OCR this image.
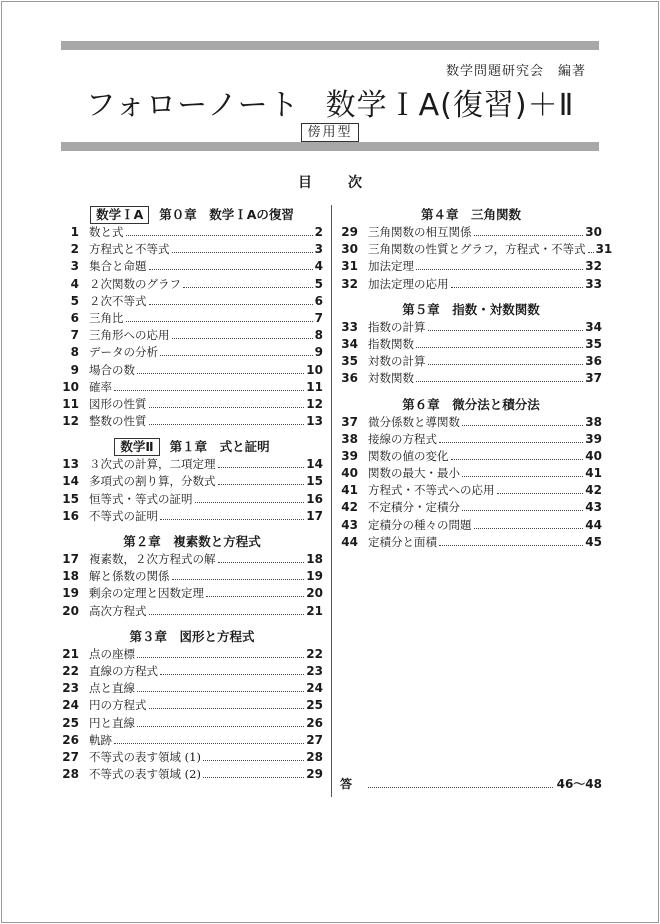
数学問題研究会　編著
フォローノート 数学ＩA(復習)＋Ⅱ
傍用型
目次
数学ＩA 第０章　数学ＩAの復習
1 数と式	2
2 方程式と不等式	3
3 集合と命題	4
4 ２次関数のグラフ	5
5 ２次不等式	6
6 三角比	7
7 三角形への応用	8
8 データの分析	9
9 場合の数	10
10 確率	11
11 図形の性質	12
12 整数の性質	13
数学Ⅱ 第１章　式と証明
13 ３次式の計算，二項定理	14
14 多項式の割り算，分数式	15
15 恒等式・等式の証明	16
16 不等式の証明	17
第２章　複素数と方程式
17 複素数，２次方程式の解	18
18 解と係数の関係	19
19 剰余の定理と因数定理	20
20 高次方程式	21
第３章　図形と方程式
21 点の座標	22
22 直線の方程式	23
23 点と直線	24
24 円の方程式	25
25 円と直線	26
26 軌跡	27
27 不等式の表す領域 (1)	28
28 不等式の表す領域 (2)	29
第４章　三角関数
29 三角関数の相互関係	30
30 三角関数の性質とグラフ，方程式・不等式 31
31 加法定理	32
32 加法定理の応用	33
第５章　指数・対数関数
33 指数の計算	34
34 指数関数	35
35 対数の計算	36
36 対数関数	37
第６章　微分法と積分法
37 微分係数と導関数	38
38 接線の方程式	39
39 関数の値の変化	40
40 関数の最大・最小	41
41 方程式・不等式への応用	42
42 不定積分・定積分	43
43 定積分の種々の問題	44
44 定積分と面積	45
答	46～48
